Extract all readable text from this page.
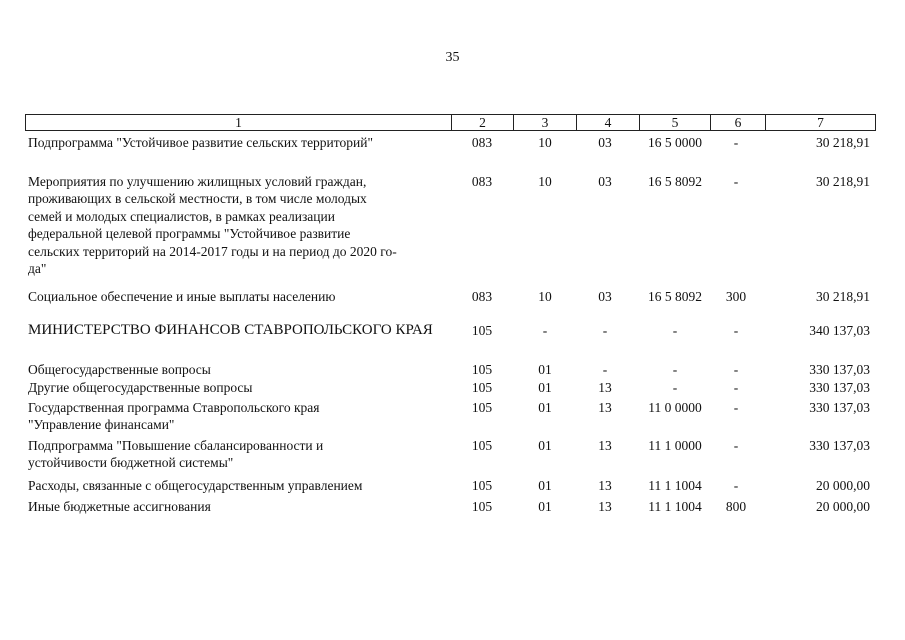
35
1	2	3	4	5	6	7
Подпрограмма "Устойчивое развитие сельских территорий"	083	10	03	16 5 0000	-	30 218,91
Мероприятия по улучшению жилищных условий граждан,
проживающих в сельской местности, в том числе молодых
семей и молодых специалистов, в рамках реализации
федеральной целевой программы "Устойчивое развитие
сельских территорий на 2014-2017 годы и на период до 2020 го-
да"
083	10	03	16 5 8092	-	30 218,91
Социальное обеспечение и иные выплаты населению	083	10	03	16 5 8092	300	30 218,91
МИНИСТЕРСТВО ФИНАНСОВ СТАВРОПОЛЬСКОГО КРАЯ	105	-	-	-	-	340 137,03
Общегосударственные вопросы	105	01	-	-	-	330 137,03
Другие общегосударственные вопросы	105	01	13	-	-	330 137,03
Государственная программа Ставропольского края
"Управление финансами"
105	01	13	11 0 0000	-	330 137,03
Подпрограмма "Повышение сбалансированности и
устойчивости бюджетной системы"
105	01	13	11 1 0000	-	330 137,03
Расходы, связанные с общегосударственным управлением	105	01	13	11 1 1004	-	20 000,00
Иные бюджетные ассигнования	105	01	13	11 1 1004	800	20 000,00
